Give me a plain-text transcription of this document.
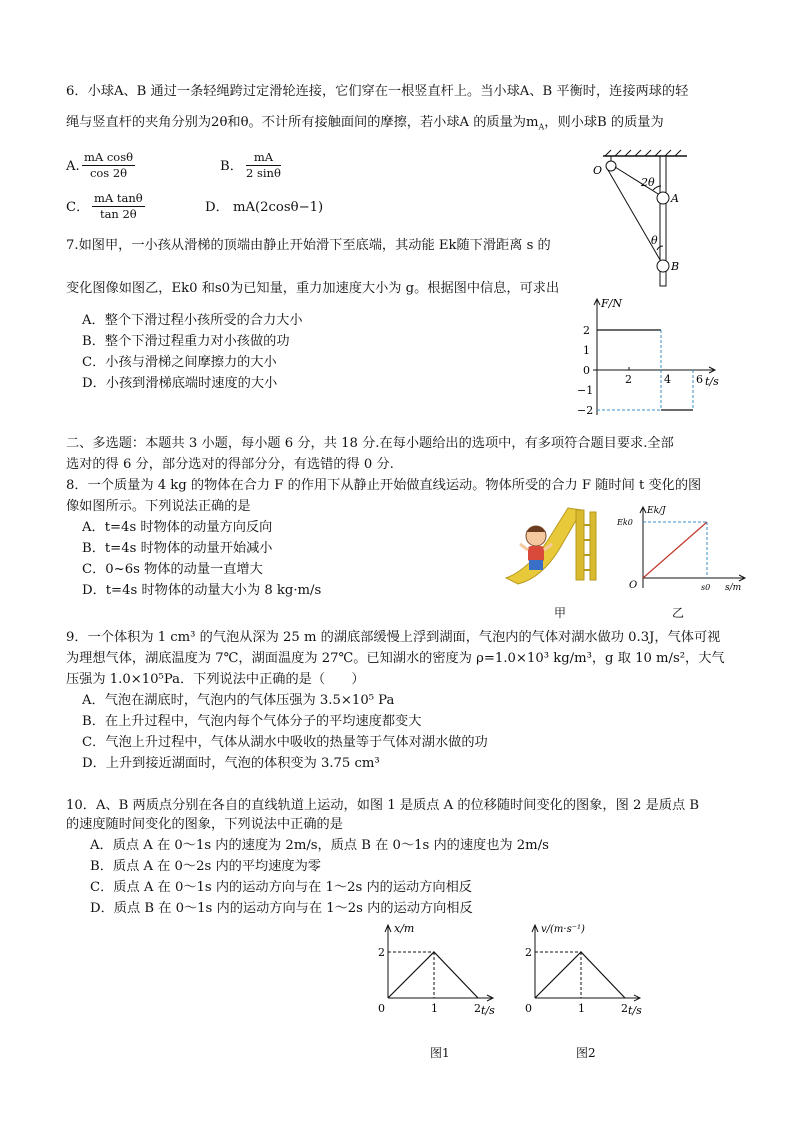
6．小球A、B 通过一条轻绳跨过定滑轮连接，它们穿在一根竖直杆上。当小球A、B 平衡时，连接两球的轻
绳与竖直杆的夹角分别为2θ和θ。不计所有接触面间的摩擦，若小球A 的质量为$m_A$，则小球B 的质量为
A.
mA cosθ
cos 2θ	B．
mA
2 sinθ
C．
mA tanθ
tan 2θ	D． mA(2cosθ−1)
O
2θ
A
θ
B
7.如图甲，一小孩从滑梯的顶端由静止开始滑下至底端，其动能 Ek随下滑距离 s 的
变化图像如图乙，Ek0 和s0为已知量，重力加速度大小为 g。根据图中信息，可求出
A．整个下滑过程小孩所受的合力大小
B．整个下滑过程重力对小孩做的功
C．小孩与滑梯之间摩擦力的大小
D．小孩到滑梯底端时速度的大小
F/N
2
1
0
−1
−2
2	4 6 t/s
二、多选题：本题共 3 小题，每小题 6 分，共 18 分.在每小题给出的选项中，有多项符合题目要求.全部
选对的得 6 分，部分选对的得部分分，有选错的得 0 分.
8．一个质量为 4 kg 的物体在合力 F 的作用下从静止开始做直线运动。物体所受的合力 F 随时间 t 变化的图
像如图所示。下列说法正确的是
A．t=4s 时物体的动量方向反向
B．t=4s 时物体的动量开始减小
C．0~6s 物体的动量一直增大
D．t=4s 时物体的动量大小为 8 kg·m/s
甲
Ek/J
Ek0
O	s0 s/m
乙
9．一个体积为 1 cm³ 的气泡从深为 25 m 的湖底部缓慢上浮到湖面，气泡内的气体对湖水做功 0.3J，气体可视
为理想气体，湖底温度为 7℃，湖面温度为 27℃。已知湖水的密度为 ρ=1.0×10³ kg/m³，g 取 10 m/s²，大气
压强为 1.0×10⁵Pa．下列说法中正确的是（　　）
A．气泡在湖底时，气泡内的气体压强为 3.5×10⁵ Pa
B．在上升过程中，气泡内每个气体分子的平均速度都变大
C．气泡上升过程中，气体从湖水中吸收的热量等于气体对湖水做的功
D．上升到接近湖面时，气泡的体积变为 3.75 cm³
10．A、B 两质点分别在各自的直线轨道上运动，如图 1 是质点 A 的位移随时间变化的图象，图 2 是质点 B
的速度随时间变化的图象，下列说法中正确的是
A．质点 A 在 0～1s 内的速度为 2m/s，质点 B 在 0～1s 内的速度也为 2m/s
B．质点 A 在 0～2s 内的平均速度为零
C．质点 A 在 0～1s 内的运动方向与在 1～2s 内的运动方向相反
D．质点 B 在 0～1s 内的运动方向与在 1～2s 内的运动方向相反
x/m
2
0	1	2 t/s
图1
v/(m·s⁻¹)
2
0	1	2 t/s
图2
